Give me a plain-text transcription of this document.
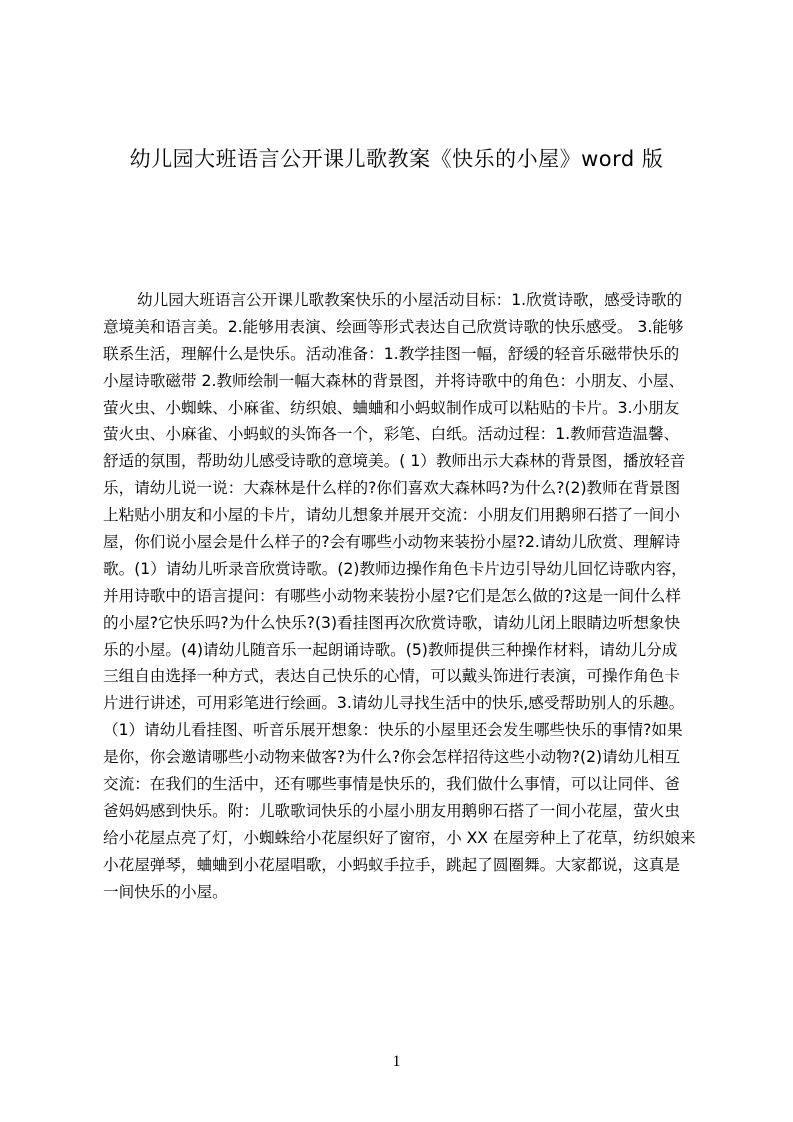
幼儿园大班语言公开课儿歌教案《快乐的小屋》word 版
幼儿园大班语言公开课儿歌教案快乐的小屋活动目标：1.欣赏诗歌，感受诗歌的
意境美和语言美。2.能够用表演、绘画等形式表达自己欣赏诗歌的快乐感受。 3.能够
联系生活，理解什么是快乐。活动准备：1.教学挂图一幅，舒缓的轻音乐磁带快乐的
小屋诗歌磁带 2.教师绘制一幅大森林的背景图，并将诗歌中的角色：小朋友、小屋、
萤火虫、小蜘蛛、小麻雀、纺织娘、蛐蛐和小蚂蚁制作成可以粘贴的卡片。3.小朋友
萤火虫、小麻雀、小蚂蚁的头饰各一个，彩笔、白纸。活动过程：1.教师营造温馨、
舒适的氛围，帮助幼儿感受诗歌的意境美。( 1）教师出示大森林的背景图，播放轻音
乐，请幼儿说一说：大森林是什么样的?你们喜欢大森林吗?为什么?(2)教师在背景图
上粘贴小朋友和小屋的卡片，请幼儿想象并展开交流：小朋友们用鹅卵石搭了一间小
屋，你们说小屋会是什么样子的?会有哪些小动物来装扮小屋?2.请幼儿欣赏、理解诗
歌。(1）请幼儿听录音欣赏诗歌。(2)教师边操作角色卡片边引导幼儿回忆诗歌内容，
并用诗歌中的语言提问：有哪些小动物来装扮小屋?它们是怎么做的?这是一间什么样
的小屋?它快乐吗?为什么快乐?(3)看挂图再次欣赏诗歌，请幼儿闭上眼睛边听想象快
乐的小屋。(4)请幼儿随音乐一起朗诵诗歌。(5)教师提供三种操作材料，请幼儿分成
三组自由选择一种方式，表达自己快乐的心情，可以戴头饰进行表演，可操作角色卡
片进行讲述，可用彩笔进行绘画。3.请幼儿寻找生活中的快乐,感受帮助别人的乐趣。
（1）请幼儿看挂图、听音乐展开想象：快乐的小屋里还会发生哪些快乐的事情?如果
是你，你会邀请哪些小动物来做客?为什么?你会怎样招待这些小动物?(2)请幼儿相互
交流：在我们的生活中，还有哪些事情是快乐的，我们做什么事情，可以让同伴、爸
爸妈妈感到快乐。附：儿歌歌词快乐的小屋小朋友用鹅卵石搭了一间小花屋，萤火虫
给小花屋点亮了灯，小蜘蛛给小花屋织好了窗帘，小 XX 在屋旁种上了花草，纺织娘来
小花屋弹琴，蛐蛐到小花屋唱歌，小蚂蚁手拉手，跳起了圆圈舞。大家都说，这真是
一间快乐的小屋。
1
